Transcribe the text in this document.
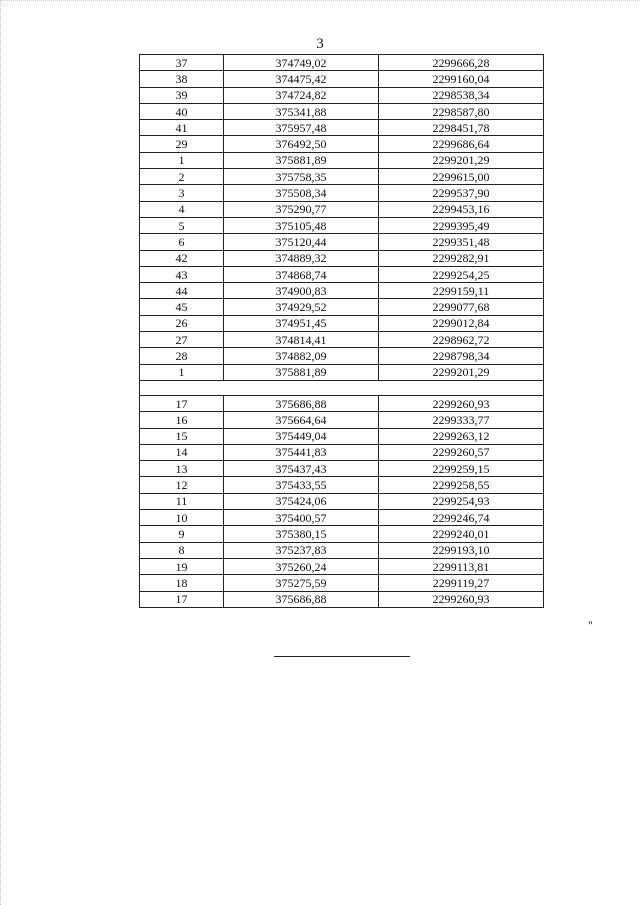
3
37	374749,02	2299666,28
38	374475,42	2299160,04
39	374724,82	2298538,34
40	375341,88	2298587,80
41	375957,48	2298451,78
29	376492,50	2299686,64
1	375881,89	2299201,29
2	375758,35	2299615,00
3	375508,34	2299537,90
4	375290,77	2299453,16
5	375105,48	2299395,49
6	375120,44	2299351,48
42	374889,32	2299282,91
43	374868,74	2299254,25
44	374900,83	2299159,11
45	374929,52	2299077,68
26	374951,45	2299012,84
27	374814,41	2298962,72
28	374882,09	2298798,34
1	375881,89	2299201,29

17	375686,88	2299260,93
16	375664,64	2299333,77
15	375449,04	2299263,12
14	375441,83	2299260,57
13	375437,43	2299259,15
12	375433,55	2299258,55
11	375424,06	2299254,93
10	375400,57	2299246,74
9	375380,15	2299240,01
8	375237,83	2299193,10
19	375260,24	2299113,81
18	375275,59	2299119,27
17	375686,88	2299260,93
"
